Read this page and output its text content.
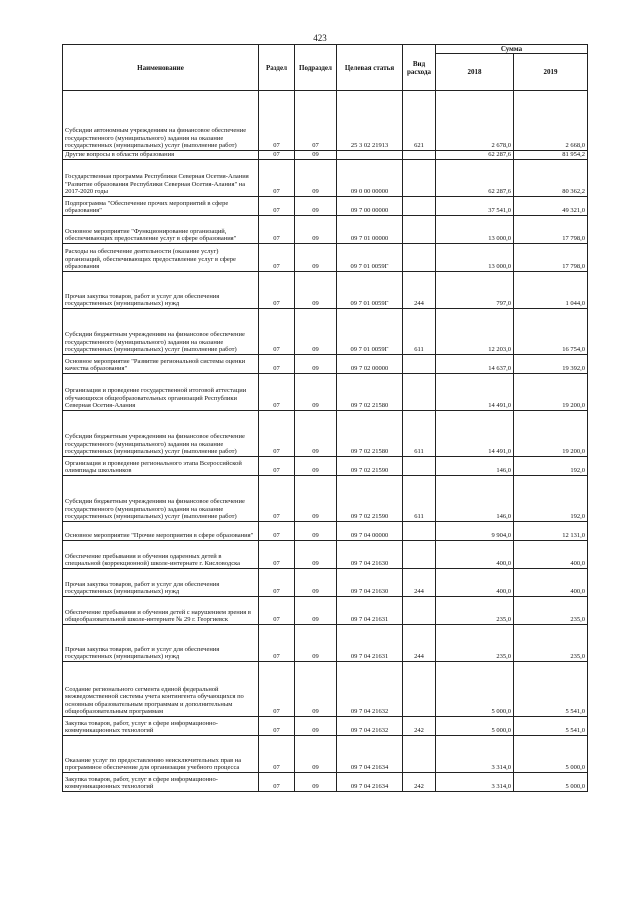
423
Наименование	Раздел	Подраздел	Целевая статья	Вид расхода	Сумма	
					2018	2019
Субсидии автономным учреждениям на финансовое обеспечение государственного (муниципального) задания на оказание государственных (муниципальных) услуг (выполнение работ)	07	07	25 3 02 21913	621	2 678,0	2 668,0
Другие вопросы в области образования	07	09			62 287,6	81 954,2
Государственная программа Республики Северная Осетия-Алания "Развитие образования Республики Северная Осетия-Алания" на 2017-2020 годы	07	09	09 0 00 00000		62 287,6	80 362,2
Подпрограмма "Обеспечение прочих мероприятий в сфере образования"	07	09	09 7 00 00000		37 541,0	49 321,0
Основное мероприятие "Функционирование организаций, обеспечивающих предоставление услуг в сфере образования"	07	09	09 7 01 00000		13 000,0	17 798,0
Расходы на обеспечение деятельности (оказание услуг) организаций, обеспечивающих предоставление услуг в сфере образования	07	09	09 7 01 0059Г		13 000,0	17 798,0
Прочая закупка товаров, работ и услуг для обеспечения государственных (муниципальных) нужд	07	09	09 7 01 0059Г	244	797,0	1 044,0
Субсидии бюджетным учреждениям на финансовое обеспечение государственного (муниципального) задания на оказание государственных (муниципальных) услуг (выполнение работ)	07	09	09 7 01 0059Г	611	12 203,0	16 754,0
Основное мероприятие "Развитие региональной системы оценки качества образования"	07	09	09 7 02 00000		14 637,0	19 392,0
Организация и проведение государственной итоговой аттестации обучающихся общеобразовательных организаций Республики Северная Осетия-Алания	07	09	09 7 02 21580		14 491,0	19 200,0
Субсидии бюджетным учреждениям на финансовое обеспечение государственного (муниципального) задания на оказание государственных (муниципальных) услуг (выполнение работ)	07	09	09 7 02 21580	611	14 491,0	19 200,0
Организация и проведение регионального этапа Всероссийской олимпиады школьников	07	09	09 7 02 21590		146,0	192,0
Субсидии бюджетным учреждениям на финансовое обеспечение государственного (муниципального) задания на оказание государственных (муниципальных) услуг (выполнение работ)	07	09	09 7 02 21590	611	146,0	192,0
Основное мероприятие "Прочие мероприятия в сфере образования"	07	09	09 7 04 00000		9 904,0	12 131,0
Обеспечение пребывания и обучения одаренных детей в специальной (коррекционной) школе-интернате г. Кисловодска	07	09	09 7 04 21630		400,0	400,0
Прочая закупка товаров, работ и услуг для обеспечения государственных (муниципальных) нужд	07	09	09 7 04 21630	244	400,0	400,0
Обеспечение пребывания и обучения детей с нарушением зрения в общеобразовательной школе-интернате № 29 г. Георгиевск	07	09	09 7 04 21631		235,0	235,0
Прочая закупка товаров, работ и услуг для обеспечения государственных (муниципальных) нужд	07	09	09 7 04 21631	244	235,0	235,0
Создание регионального сегмента единой федеральной межведомственной системы учета контингента обучающихся по основным образовательным программам и дополнительным общеобразовательным программам	07	09	09 7 04 21632		5 000,0	5 541,0
Закупка товаров, работ, услуг в сфере информационно-коммуникационных технологий	07	09	09 7 04 21632	242	5 000,0	5 541,0
Оказание услуг по предоставлению неисключительных прав на программное обеспечение для организации учебного процесса	07	09	09 7 04 21634		3 314,0	5 000,0
Закупка товаров, работ, услуг в сфере информационно-коммуникационных технологий	07	09	09 7 04 21634	242	3 314,0	5 000,0
